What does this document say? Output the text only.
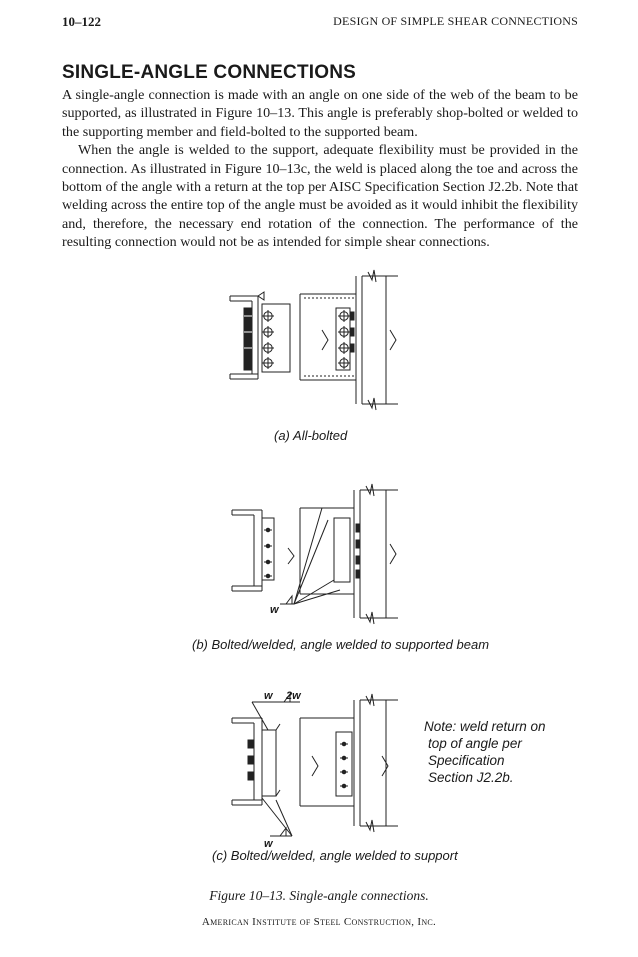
10–122	DESIGN OF SIMPLE SHEAR CONNECTIONS
SINGLE-ANGLE CONNECTIONS

A single-angle connection is made with an angle on one side of the web of the beam to be supported, as illustrated in Figure 10–13. This angle is preferably shop-bolted or welded to the supporting member and field-bolted to the supported beam.

When the angle is welded to the support, adequate flexibility must be provided in the connection. As illustrated in Figure 10–13c, the weld is placed along the toe and across the bottom of the angle with a return at the top per AISC Specification Section J2.2b. Note that welding across the entire top of the angle must be avoided as it would inhibit the flexibility and, therefore, the necessary end rotation of the connection. The performance of the resulting connection would not be as intended for simple shear connections.

w
w 2w
w
(a) All-bolted
(b) Bolted/welded, angle welded to supported beam
(c) Bolted/welded, angle welded to support
Note: weld return on
top of angle per
Specification
Section J2.2b.
Figure 10–13. Single-angle connections.
American Institute of Steel Construction, Inc.
